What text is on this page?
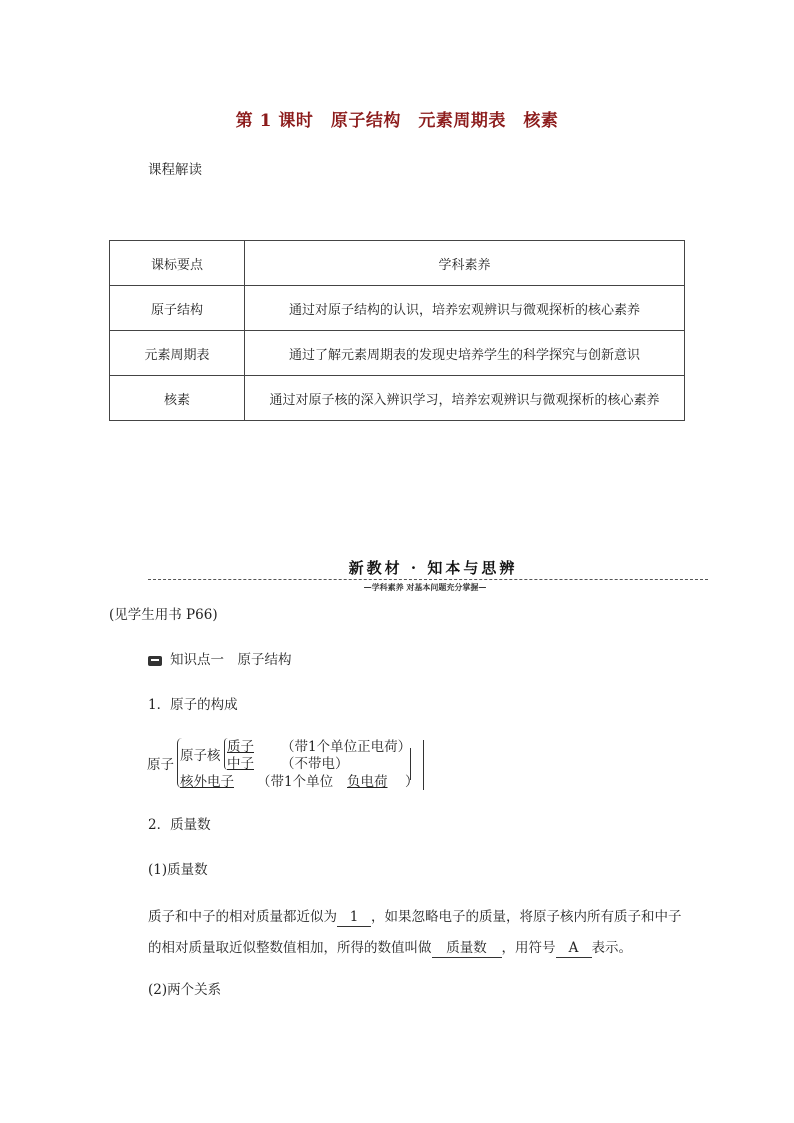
第 1 课时　原子结构　元素周期表　核素
课程解读
课标要点	学科素养
原子结构	通过对原子结构的认识，培养宏观辨识与微观探析的核心素养
元素周期表	通过了解元素周期表的发现史培养学生的科学探究与创新意识
核素	通过对原子核的深入辨识学习，培养宏观辨识与微观探析的核心素养
新教材 · 知本与思辨
—学科素养 对基本问题充分掌握—
(见学生用书 P66)
知识点一　原子结构
1．原子的构成
原子
原子核
质子 （带1个单位正电荷）
中子 （不带电）
核外电子 （带1个单位 负电荷 ）
2．质量数
(1)质量数
质子和中子的相对质量都近似为 1 ，如果忽略电子的质量，将原子核内所有质子和中子的相对质量取近似整数值相加，所得的数值叫做 质量数 ，用符号 A 表示。
(2)两个关系
